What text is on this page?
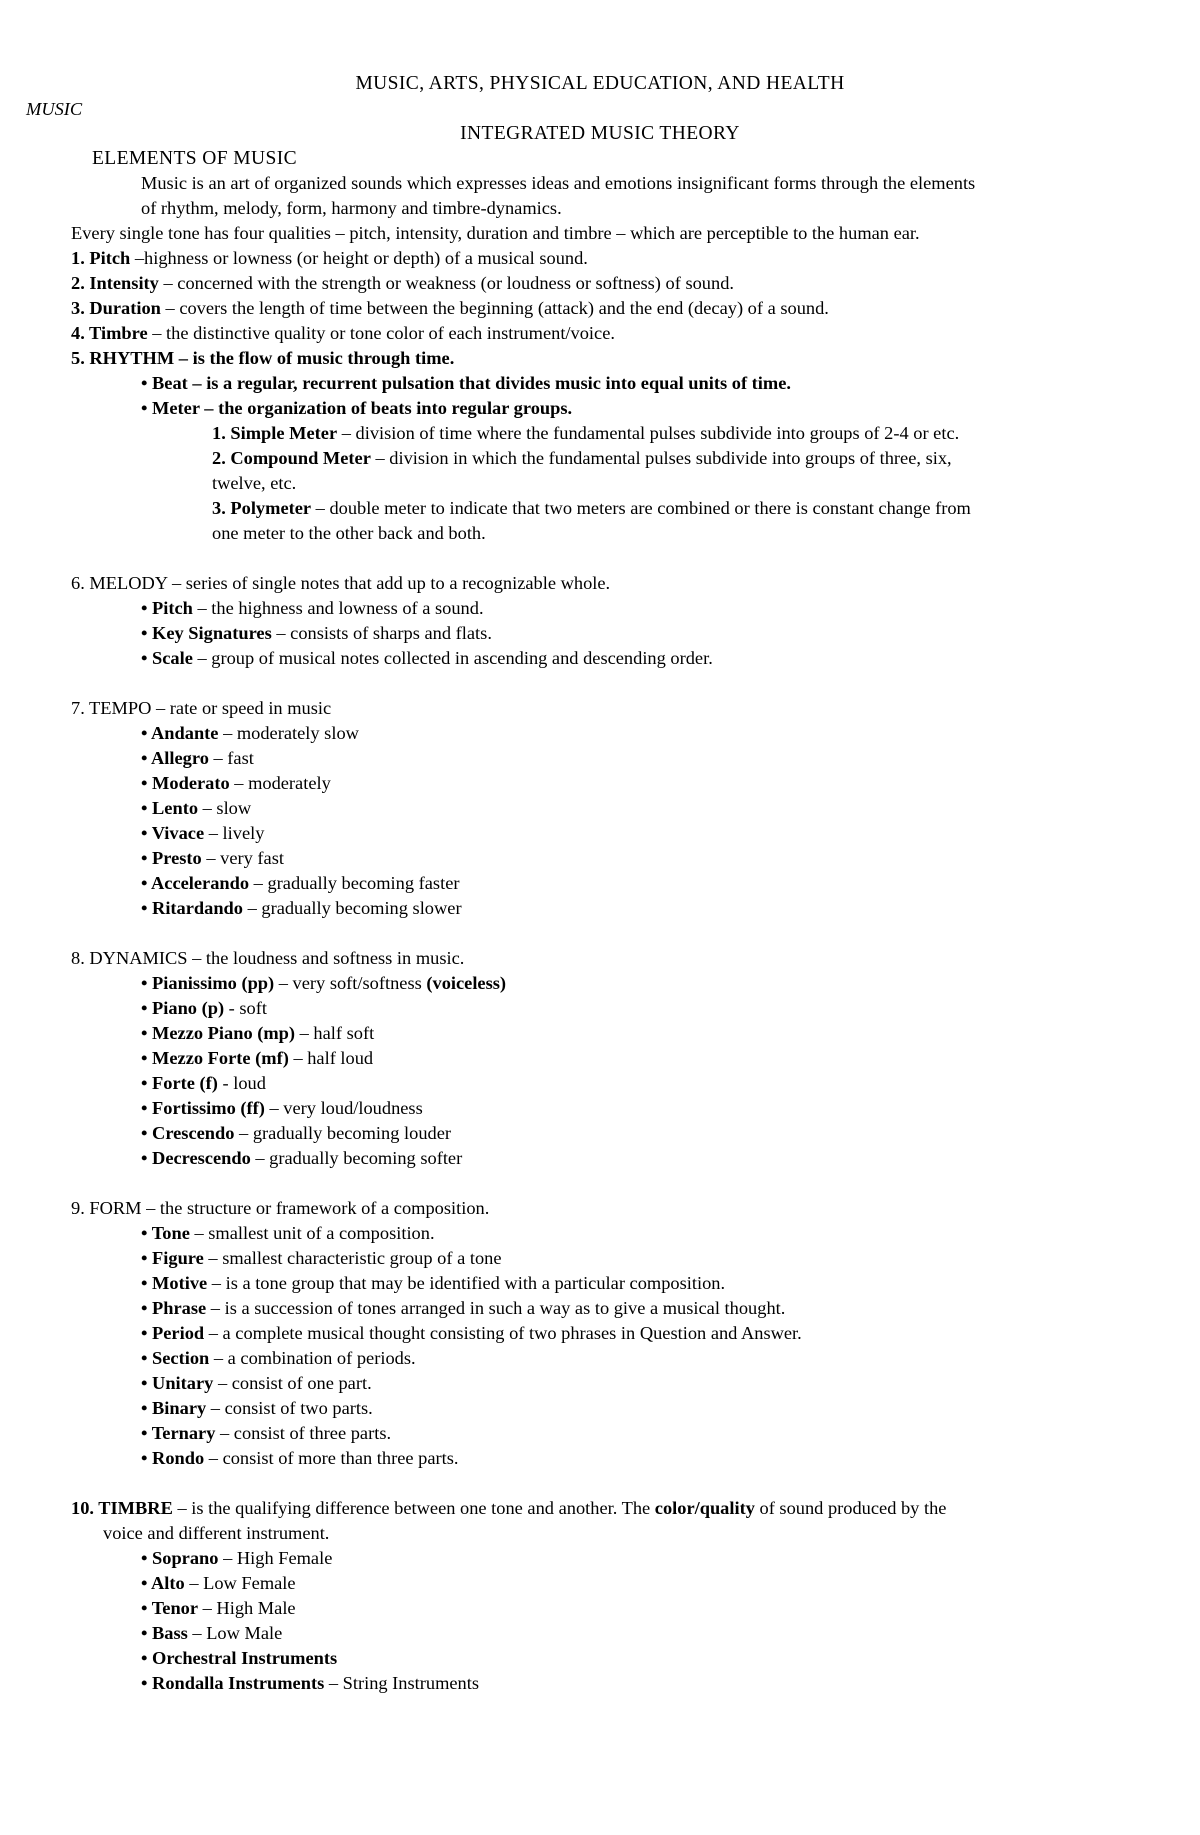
MUSIC, ARTS, PHYSICAL EDUCATION, AND HEALTH
MUSIC
INTEGRATED MUSIC THEORY
ELEMENTS OF MUSIC
Music is an art of organized sounds which expresses ideas and emotions insignificant forms through the elements
of rhythm, melody, form, harmony and timbre-dynamics.
Every single tone has four qualities – pitch, intensity, duration and timbre – which are perceptible to the human ear.
1. Pitch –highness or lowness (or height or depth) of a musical sound.
2. Intensity – concerned with the strength or weakness (or loudness or softness) of sound.
3. Duration – covers the length of time between the beginning (attack) and the end (decay) of a sound.
4. Timbre – the distinctive quality or tone color of each instrument/voice.
5. RHYTHM – is the flow of music through time.
• Beat – is a regular, recurrent pulsation that divides music into equal units of time.
• Meter – the organization of beats into regular groups.
1. Simple Meter – division of time where the fundamental pulses subdivide into groups of 2-4 or etc.
2. Compound Meter – division in which the fundamental pulses subdivide into groups of three, six,
twelve, etc.
3. Polymeter – double meter to indicate that two meters are combined or there is constant change from
one meter to the other back and both.
6. MELODY – series of single notes that add up to a recognizable whole.
• Pitch – the highness and lowness of a sound.
• Key Signatures – consists of sharps and flats.
• Scale – group of musical notes collected in ascending and descending order.
7. TEMPO – rate or speed in music
• Andante – moderately slow
• Allegro – fast
• Moderato – moderately
• Lento – slow
• Vivace – lively
• Presto – very fast
• Accelerando – gradually becoming faster
• Ritardando – gradually becoming slower
8. DYNAMICS – the loudness and softness in music.
• Pianissimo (pp) – very soft/softness (voiceless)
• Piano (p) - soft
• Mezzo Piano (mp) – half soft
• Mezzo Forte (mf) – half loud
• Forte (f) - loud
• Fortissimo (ff) – very loud/loudness
• Crescendo – gradually becoming louder
• Decrescendo – gradually becoming softer
9. FORM – the structure or framework of a composition.
• Tone – smallest unit of a composition.
• Figure – smallest characteristic group of a tone
• Motive – is a tone group that may be identified with a particular composition.
• Phrase – is a succession of tones arranged in such a way as to give a musical thought.
• Period – a complete musical thought consisting of two phrases in Question and Answer.
• Section – a combination of periods.
• Unitary – consist of one part.
• Binary – consist of two parts.
• Ternary – consist of three parts.
• Rondo – consist of more than three parts.
10. TIMBRE – is the qualifying difference between one tone and another. The color/quality of sound produced by the
voice and different instrument.
• Soprano – High Female
• Alto – Low Female
• Tenor – High Male
• Bass – Low Male
• Orchestral Instruments
• Rondalla Instruments – String Instruments
